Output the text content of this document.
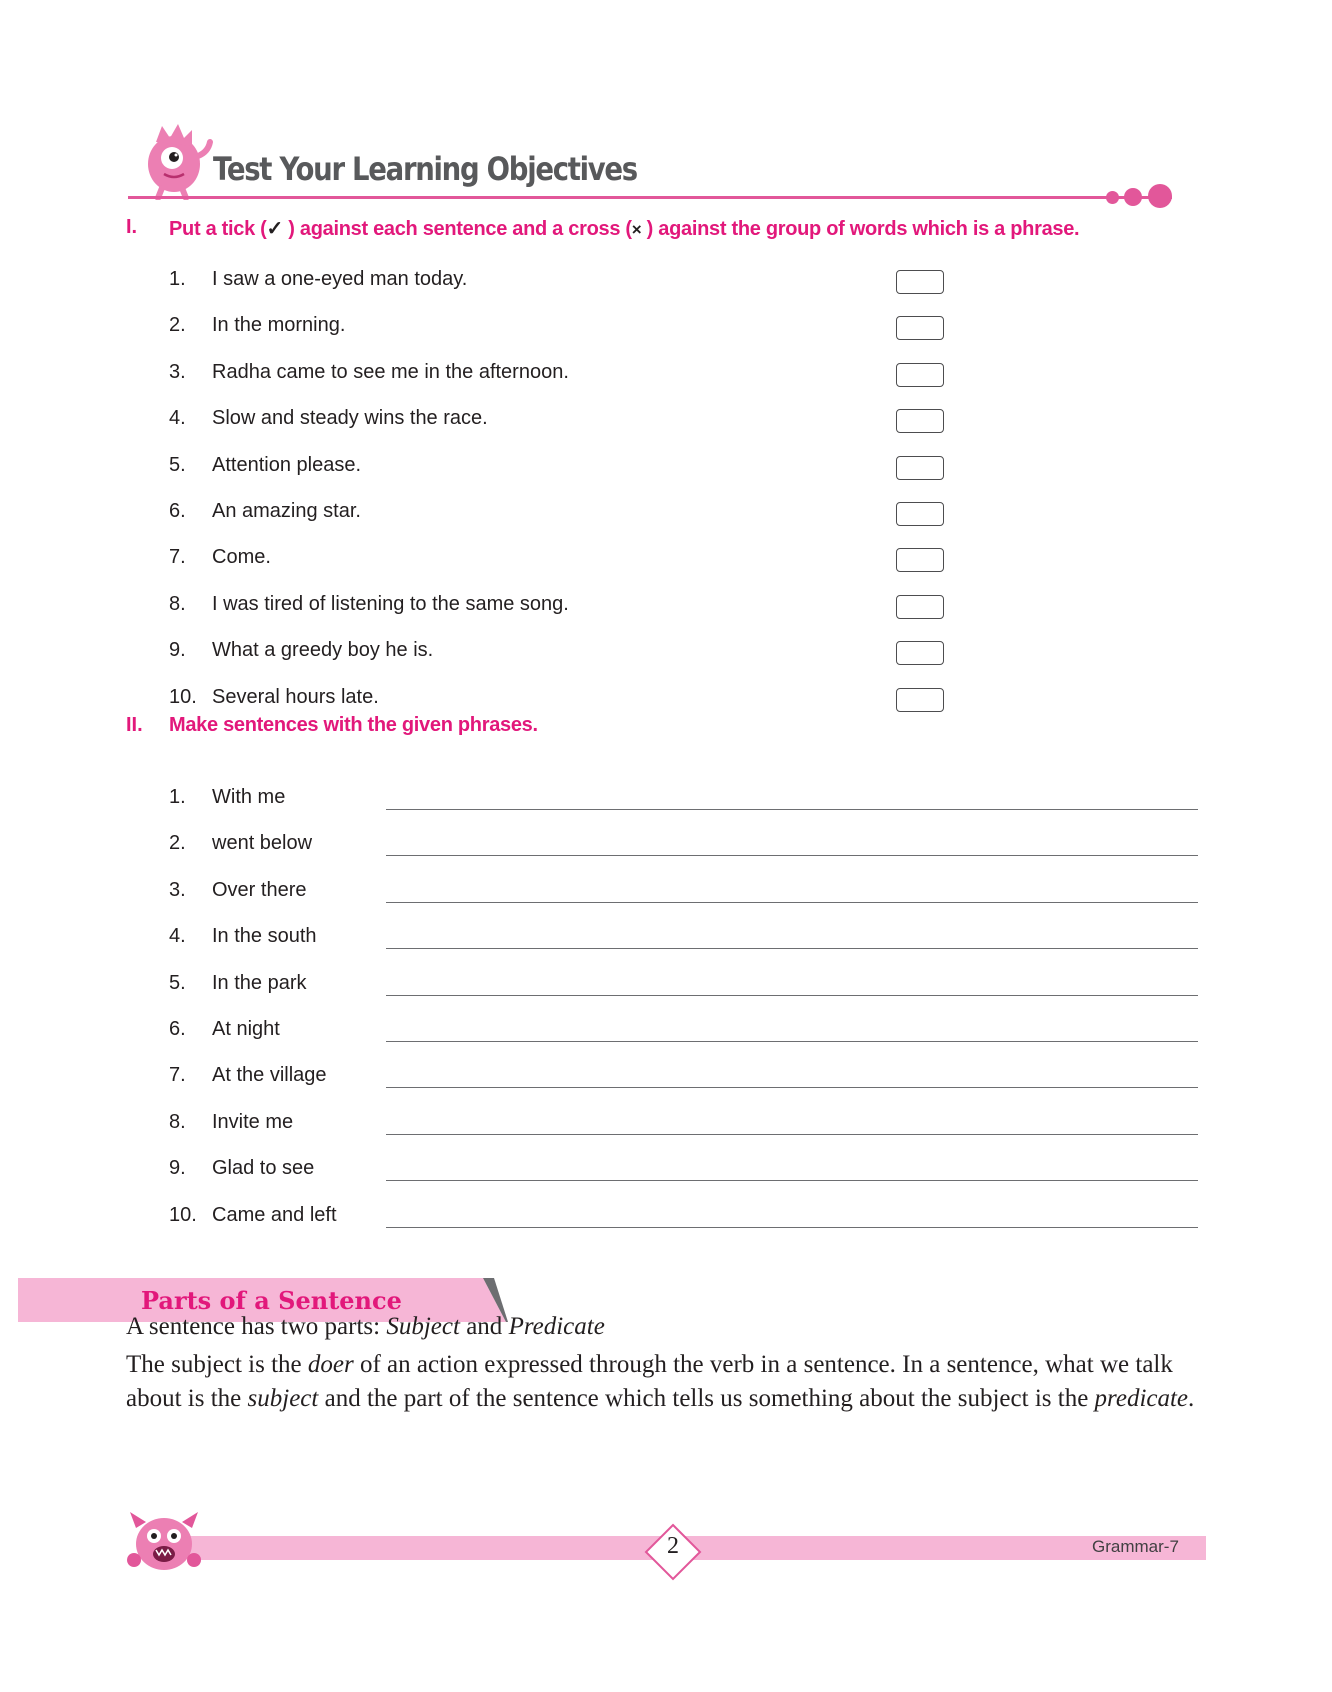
Test Your Learning Objectives
I. Put a tick (✓ ) against each sentence and a cross (× ) against the group of words which is a phrase.
1.	I saw a one-eyed man today.
2.	In the morning.
3.	Radha came to see me in the afternoon.
4.	Slow and steady wins the race.
5.	Attention please.
6.	An amazing star.
7.	Come.
8.	I was tired of listening to the same song.
9.	What a greedy boy he is.
10. Several hours late.
II. Make sentences with the given phrases.
1.	With me
2.	went below
3.	Over there
4.	In the south
5.	In the park
6.	At night
7.	At the village
8.	Invite me
9.	Glad to see
10. Came and left
Parts of a Sentence
A sentence has two parts: Subject and Predicate
The subject is the doer of an action expressed through the verb in a sentence. In a sentence, what we talk about is the subject and the part of the sentence which tells us something about the subject is the predicate.
2	Grammar-7
